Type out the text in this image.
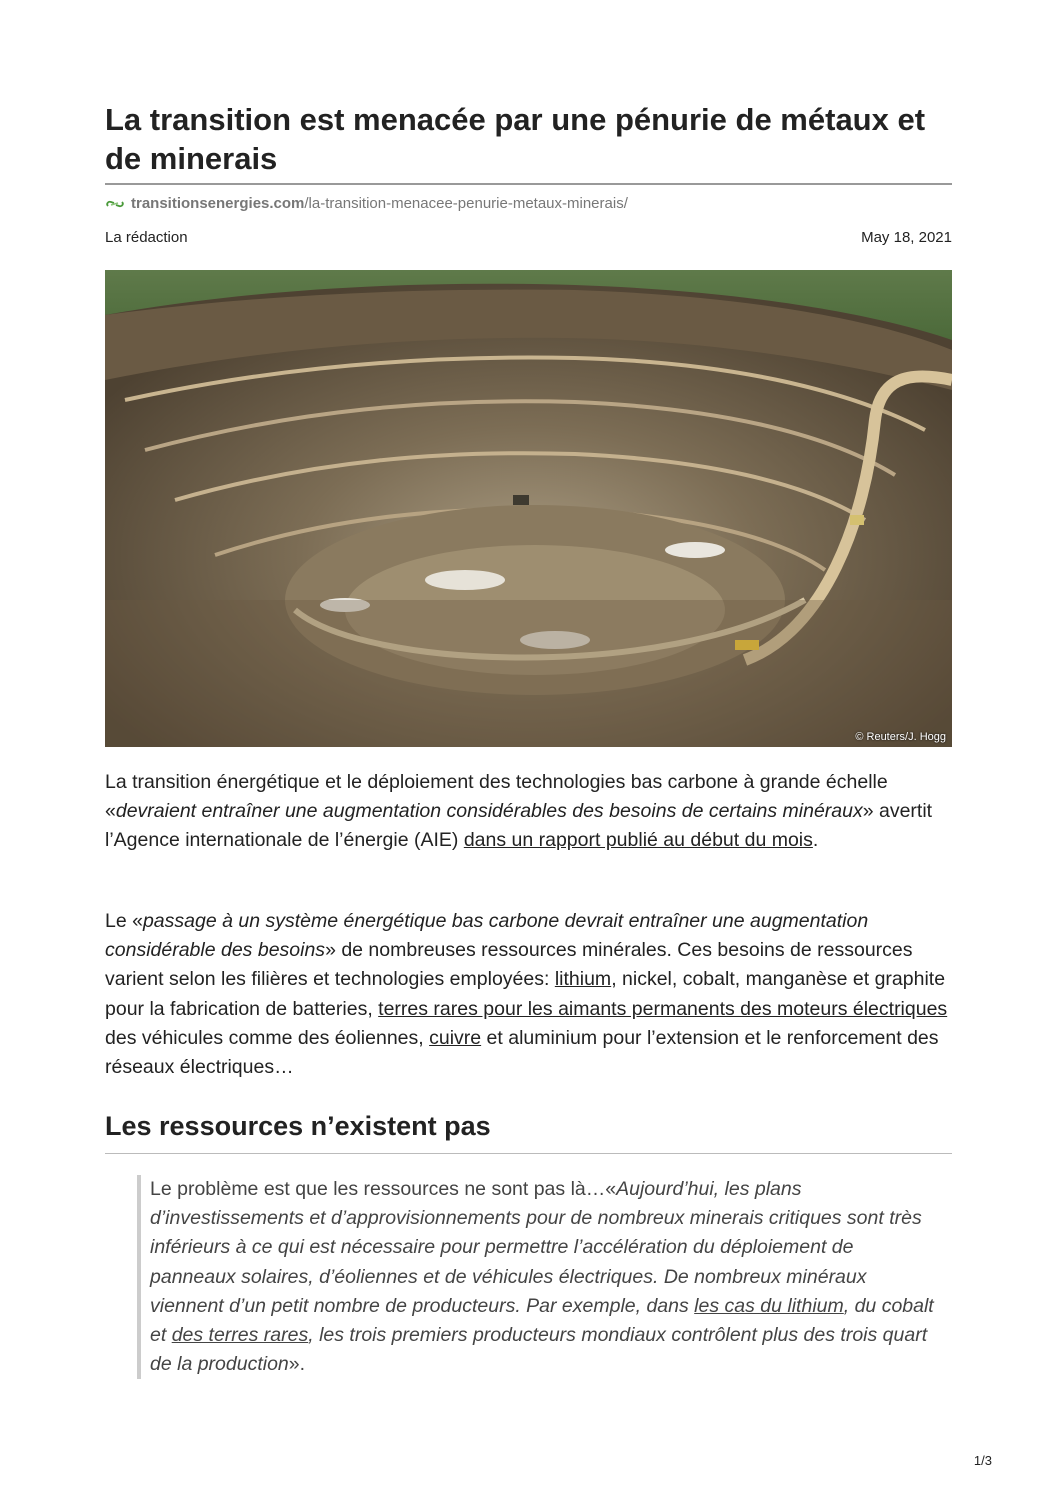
La transition est menacée par une pénurie de métaux et de minerais
transitionsenergies.com /la-transition-menacee-penurie-metaux-minerais/
La rédaction	May 18, 2021
© Reuters/J. Hogg

La transition énergétique et le déploiement des technologies bas carbone à grande échelle «devraient entraîner une augmentation considérables des besoins de certains minéraux» avertit l’Agence internationale de l’énergie (AIE) dans un rapport publié au début du mois.

Le «passage à un système énergétique bas carbone devrait entraîner une augmentation considérable des besoins» de nombreuses ressources minérales. Ces besoins de ressources varient selon les filières et technologies employées: lithium, nickel, cobalt, manganèse et graphite pour la fabrication de batteries, terres rares pour les aimants permanents des moteurs électriques des véhicules comme des éoliennes, cuivre et aluminium pour l’extension et le renforcement des réseaux électriques…

Les ressources n’existent pas
Le problème est que les ressources ne sont pas là…«Aujourd’hui, les plans d’investissements et d’approvisionnements pour de nombreux minerais critiques sont très inférieurs à ce qui est nécessaire pour permettre l’accélération du déploiement de panneaux solaires, d’éoliennes et de véhicules électriques. De nombreux minéraux viennent d’un petit nombre de producteurs. Par exemple, dans les cas du lithium, du cobalt et des terres rares, les trois premiers producteurs mondiaux contrôlent plus des trois quart de la production».
1/3
